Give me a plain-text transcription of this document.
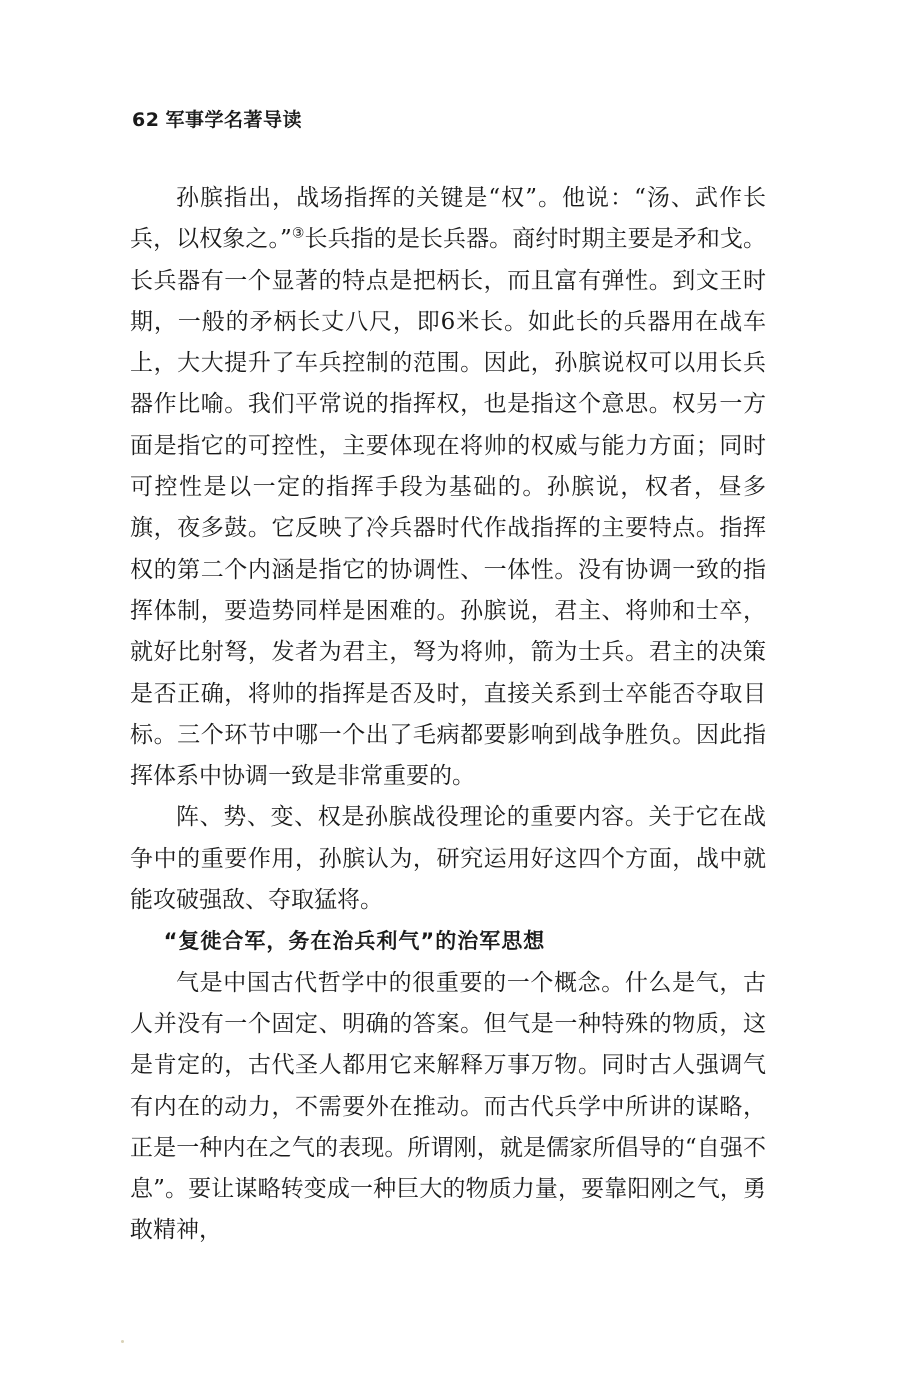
62 军事学名著导读

孙膑指出，战场指挥的关键是“权”。他说：“汤、武作长兵，以权象之。”③长兵指的是长兵器。商纣时期主要是矛和戈。长兵器有一个显著的特点是把柄长，而且富有弹性。到文王时期，一般的矛柄长丈八尺，即6米长。如此长的兵器用在战车上，大大提升了车兵控制的范围。因此，孙膑说权可以用长兵器作比喻。我们平常说的指挥权，也是指这个意思。权另一方面是指它的可控性，主要体现在将帅的权威与能力方面；同时可控性是以一定的指挥手段为基础的。孙膑说，权者，昼多旗，夜多鼓。它反映了冷兵器时代作战指挥的主要特点。指挥权的第二个内涵是指它的协调性、一体性。没有协调一致的指挥体制，要造势同样是困难的。孙膑说，君主、将帅和士卒，就好比射弩，发者为君主，弩为将帅，箭为士兵。君主的决策是否正确，将帅的指挥是否及时，直接关系到士卒能否夺取目标。三个环节中哪一个出了毛病都要影响到战争胜负。因此指挥体系中协调一致是非常重要的。

阵、势、变、权是孙膑战役理论的重要内容。关于它在战争中的重要作用，孙膑认为，研究运用好这四个方面，战中就能攻破强敌、夺取猛将。

“复徙合军，务在治兵利气”的治军思想

气是中国古代哲学中的很重要的一个概念。什么是气，古人并没有一个固定、明确的答案。但气是一种特殊的物质，这是肯定的，古代圣人都用它来解释万事万物。同时古人强调气有内在的动力，不需要外在推动。而古代兵学中所讲的谋略，正是一种内在之气的表现。所谓刚，就是儒家所倡导的“自强不息”。要让谋略转变成一种巨大的物质力量，要靠阳刚之气，勇敢精神，
